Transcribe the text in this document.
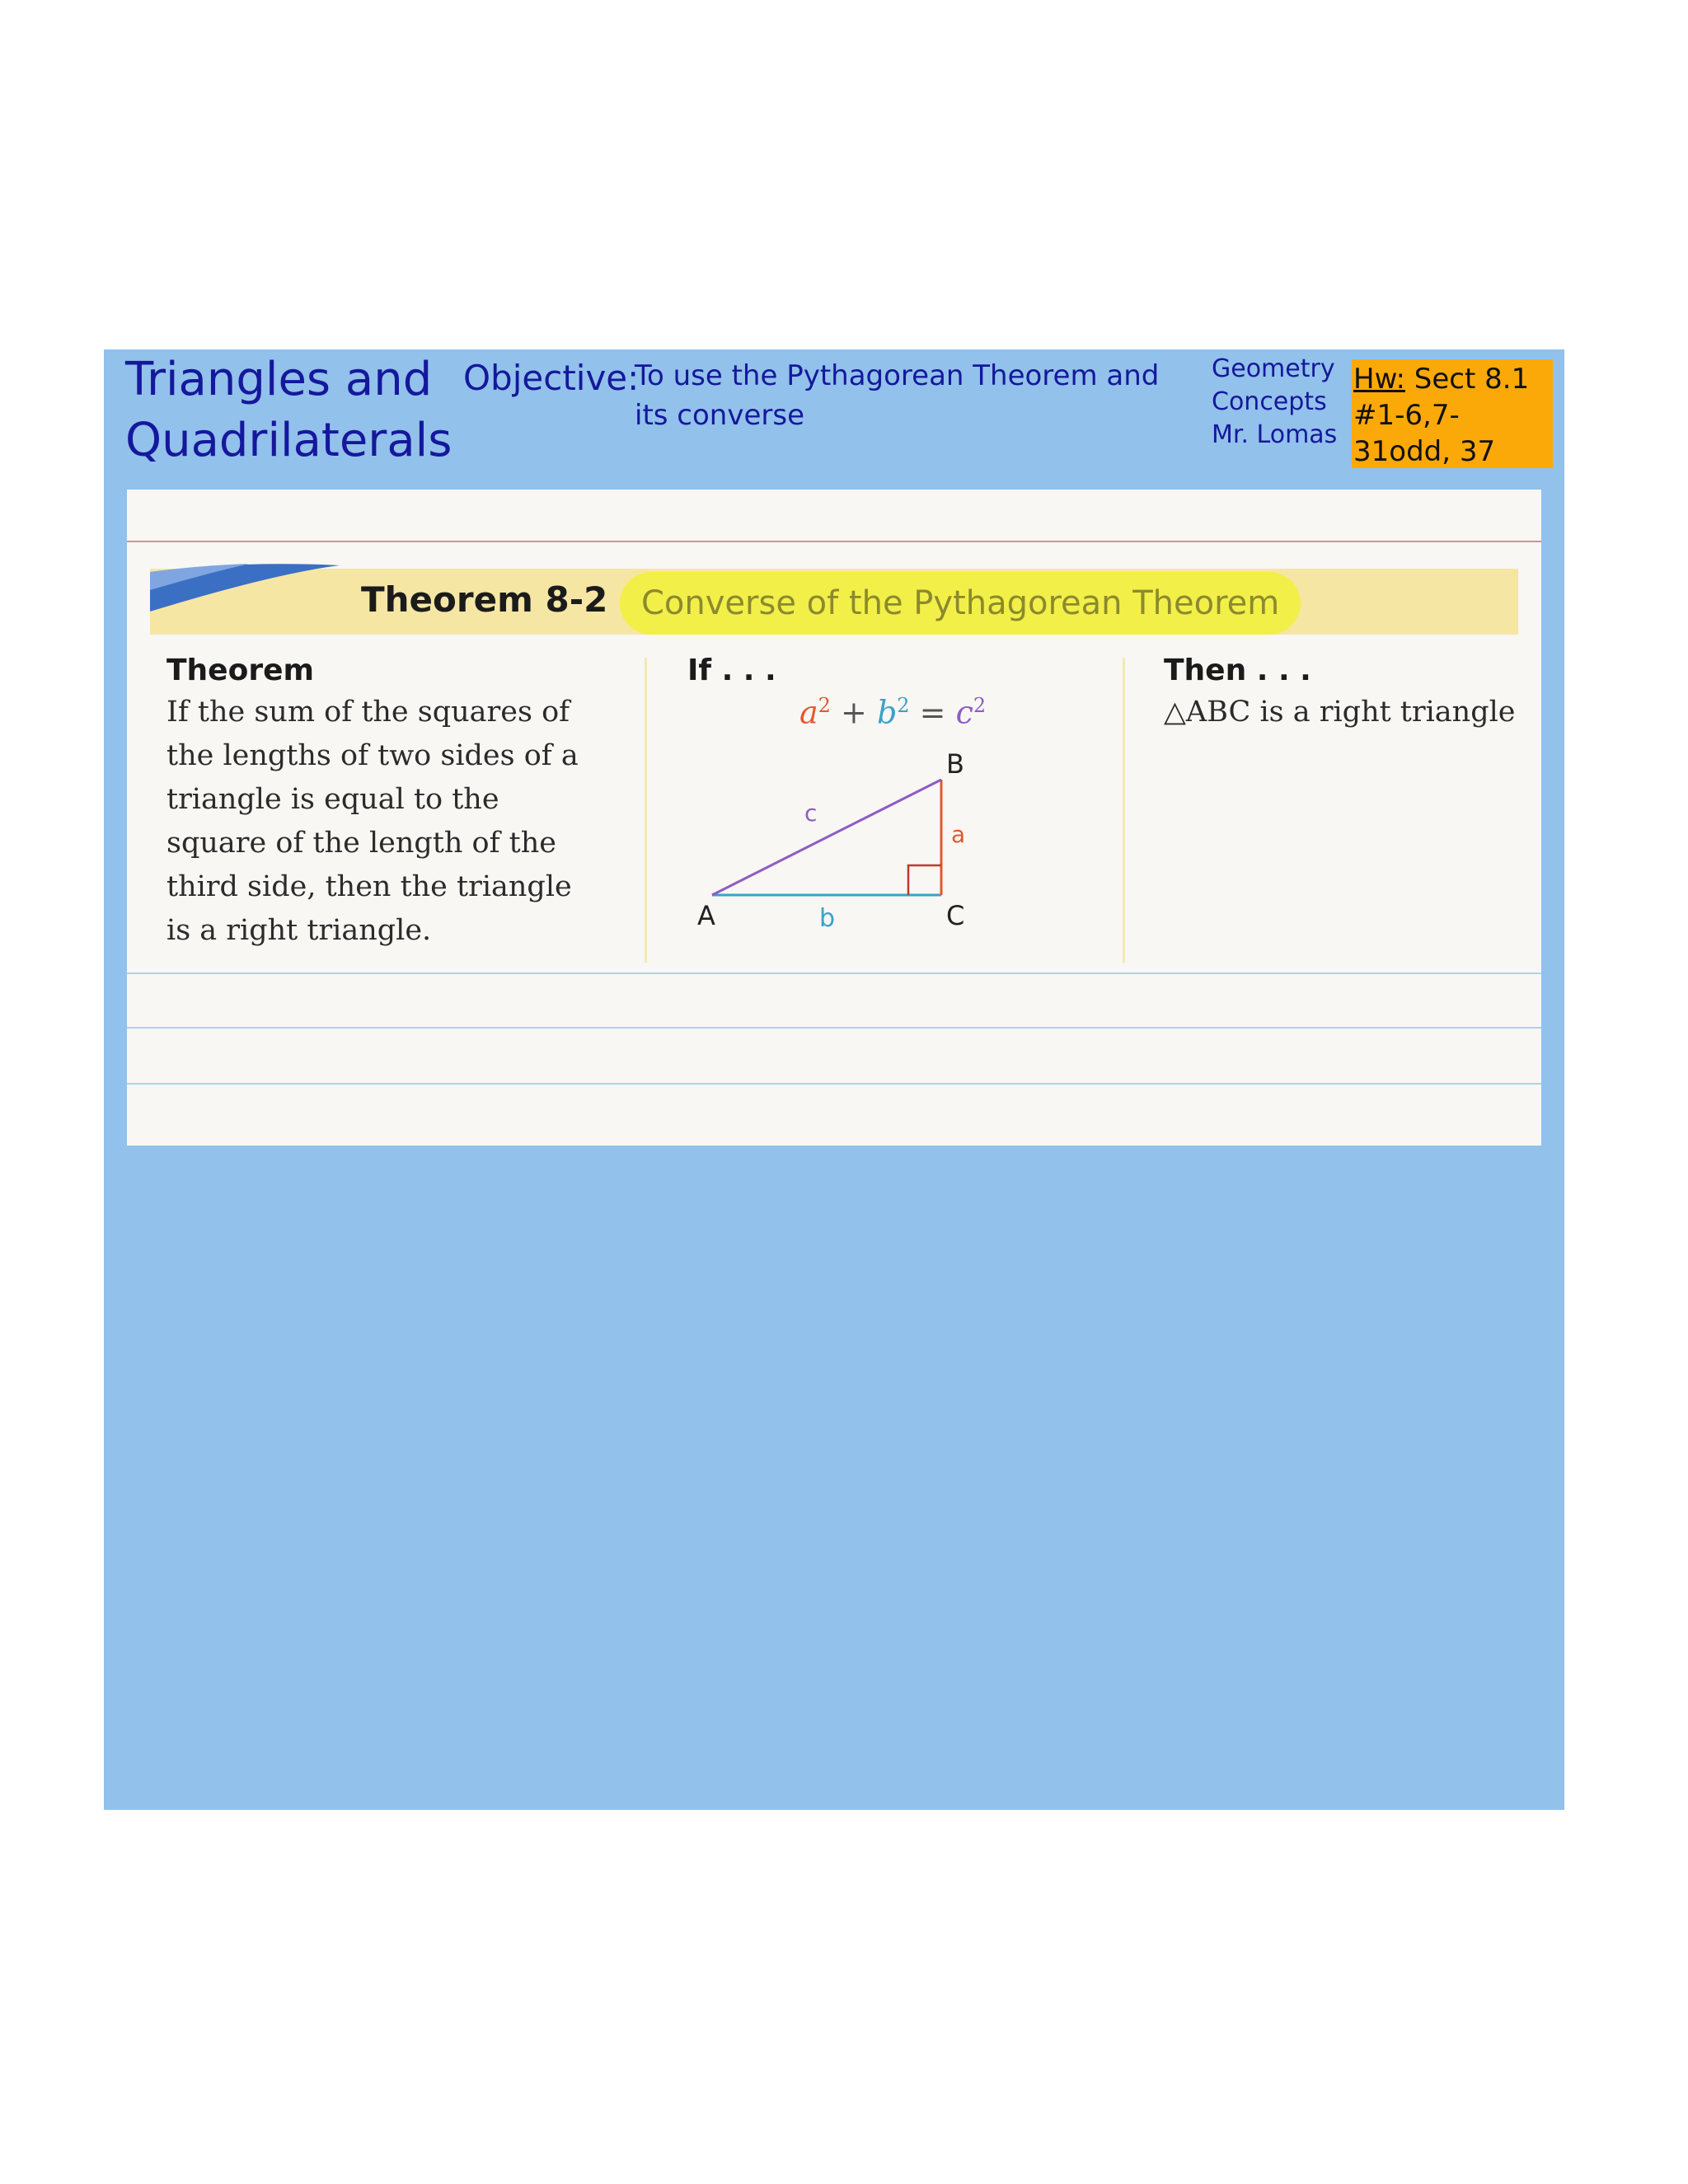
Triangles and Quadrilaterals
Objective:
To use the Pythagorean Theorem and its converse
Geometry
Concepts
Mr. Lomas
Hw: Sect 8.1 #1-6,7-31odd, 37
Theorem 8-2	Converse of the Pythagorean Theorem
Theorem
If the sum of the squares of the lengths of two sides of a triangle is equal to the square of the length of the third side, then the triangle is a right triangle.
If . . .
$a^2 + b^2 = c^2$
A
B
C
a
b
c
Then . . .
△ABC is a right triangle
